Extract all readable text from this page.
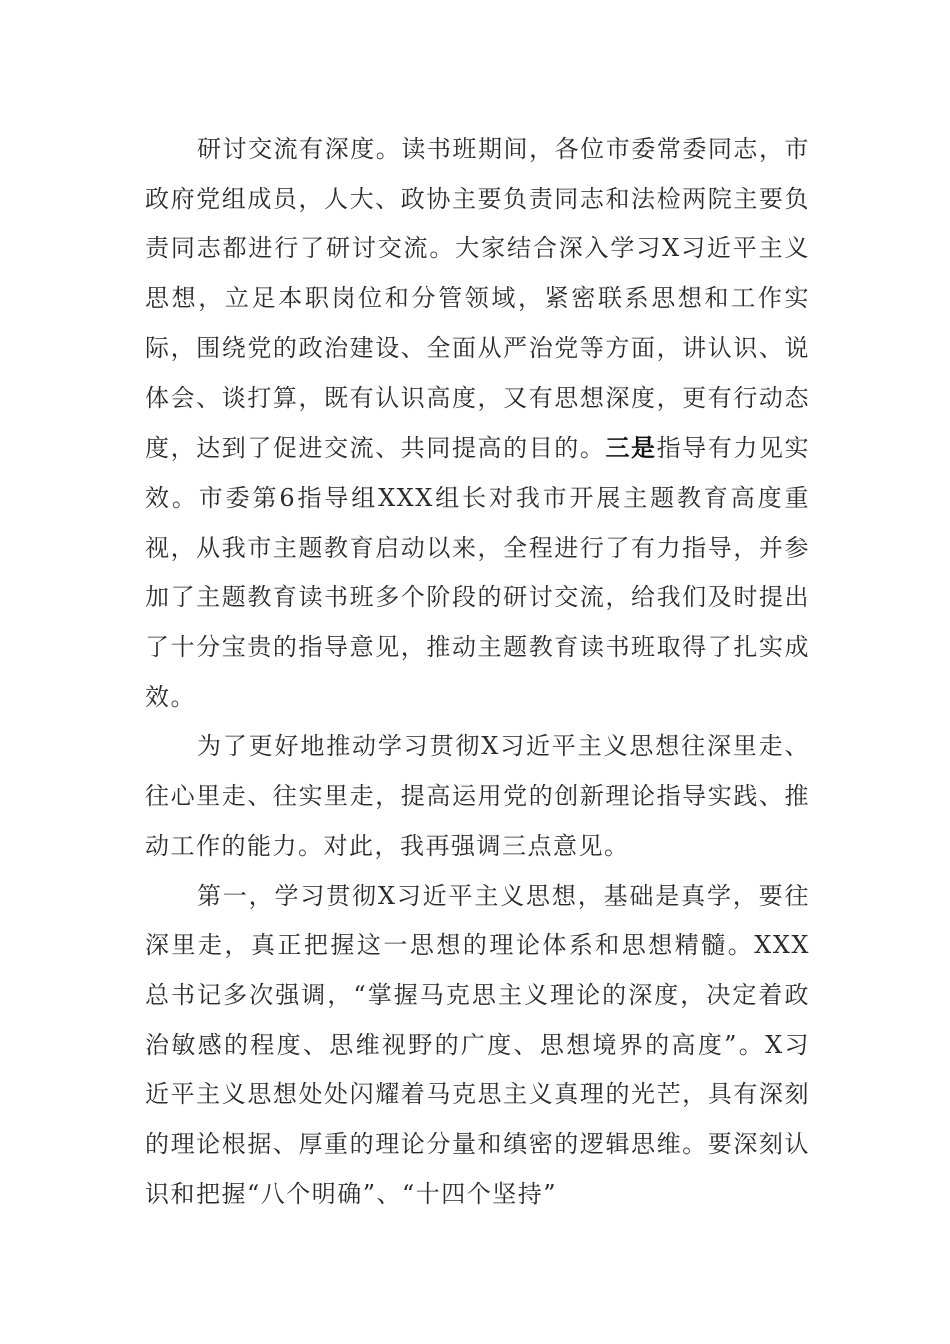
研讨交流有深度。读书班期间，各位市委常委同志，市政府党组成员，人大、政协主要负责同志和法检两院主要负责同志都进行了研讨交流。大家结合深入学习X习近平主义思想，立足本职岗位和分管领域，紧密联系思想和工作实际，围绕党的政治建设、全面从严治党等方面，讲认识、说体会、谈打算，既有认识高度，又有思想深度，更有行动态度，达到了促进交流、共同提高的目的。三是指导有力见实效。市委第6指导组XXX组长对我市开展主题教育高度重视，从我市主题教育启动以来，全程进行了有力指导，并参加了主题教育读书班多个阶段的研讨交流，给我们及时提出了十分宝贵的指导意见，推动主题教育读书班取得了扎实成效。

为了更好地推动学习贯彻X习近平主义思想往深里走、往心里走、往实里走，提高运用党的创新理论指导实践、推动工作的能力。对此，我再强调三点意见。

第一，学习贯彻X习近平主义思想，基础是真学，要往深里走，真正把握这一思想的理论体系和思想精髓。XXX总书记多次强调，“掌握马克思主义理论的深度，决定着政治敏感的程度、思维视野的广度、思想境界的高度”。X习近平主义思想处处闪耀着马克思主义真理的光芒，具有深刻的理论根据、厚重的理论分量和缜密的逻辑思维。要深刻认识和把握“八个明确”、“十四个坚持”
